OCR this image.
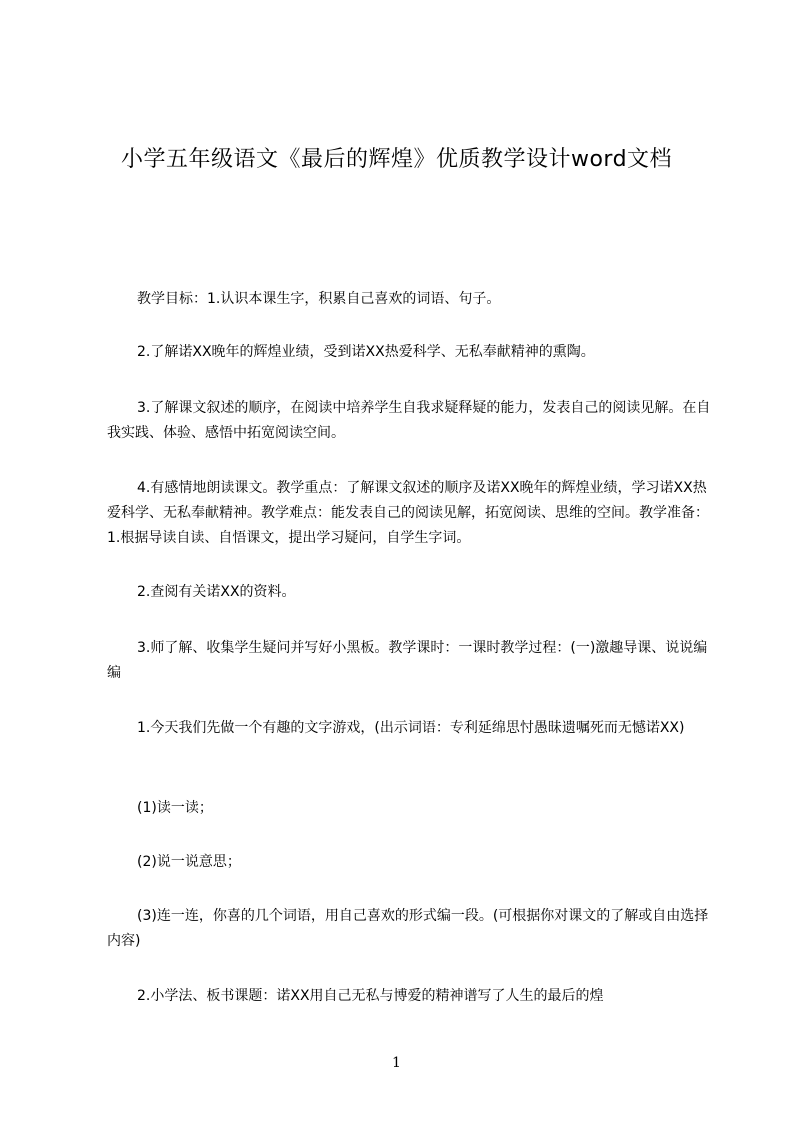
小学五年级语文《最后的辉煌》优质教学设计word文档

教学目标：1.认识本课生字，积累自己喜欢的词语、句子。

2.了解诺XX晚年的辉煌业绩，受到诺XX热爱科学、无私奉献精神的熏陶。

3.了解课文叙述的顺序，在阅读中培养学生自我求疑释疑的能力，发表自己的阅读见解。在自我实践、体验、感悟中拓宽阅读空间。

4.有感情地朗读课文。教学重点：了解课文叙述的顺序及诺XX晚年的辉煌业绩，学习诺XX热爱科学、无私奉献精神。教学难点：能发表自己的阅读见解，拓宽阅读、思维的空间。教学准备：1.根据导读自读、自悟课文，提出学习疑问，自学生字词。

2.查阅有关诺XX的资料。

3.师了解、收集学生疑问并写好小黑板。教学课时：一课时教学过程：(一)激趣导课、说说编编

1.今天我们先做一个有趣的文字游戏，(出示词语：专利延绵思忖愚昧遗嘱死而无憾诺XX)

(1)读一读；

(2)说一说意思；

(3)连一连，你喜的几个词语，用自己喜欢的形式编一段。(可根据你对课文的了解或自由选择内容)

2.小学法、板书课题：诺XX用自己无私与博爱的精神谱写了人生的最后的煌

1
